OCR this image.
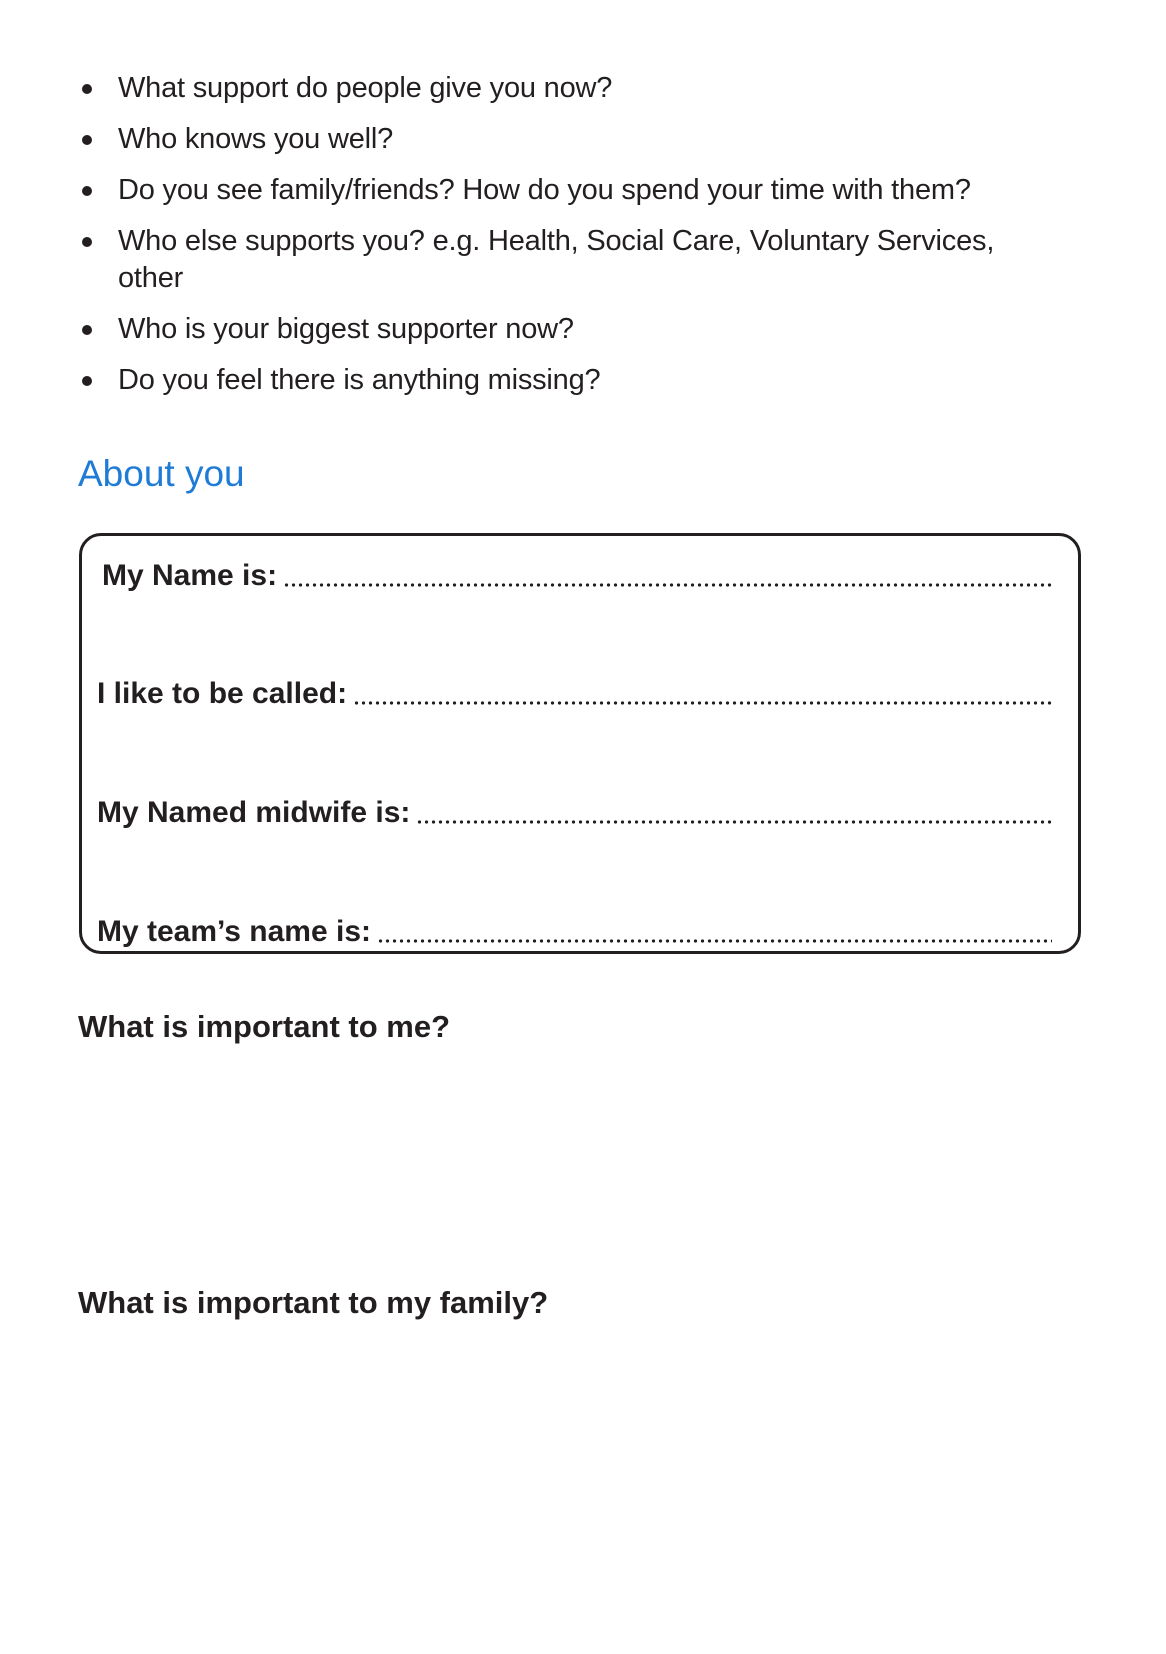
What support do people give you now?
Who knows you well?
Do you see family/friends? How do you spend your time with them?
Who else supports you? e.g. Health, Social Care, Voluntary Services, other
Who is your biggest supporter now?
Do you feel there is anything missing?
About you
My Name is:
I like to be called:
My Named midwife is:
My team’s name is:
What is important to me?
What is important to my family?
